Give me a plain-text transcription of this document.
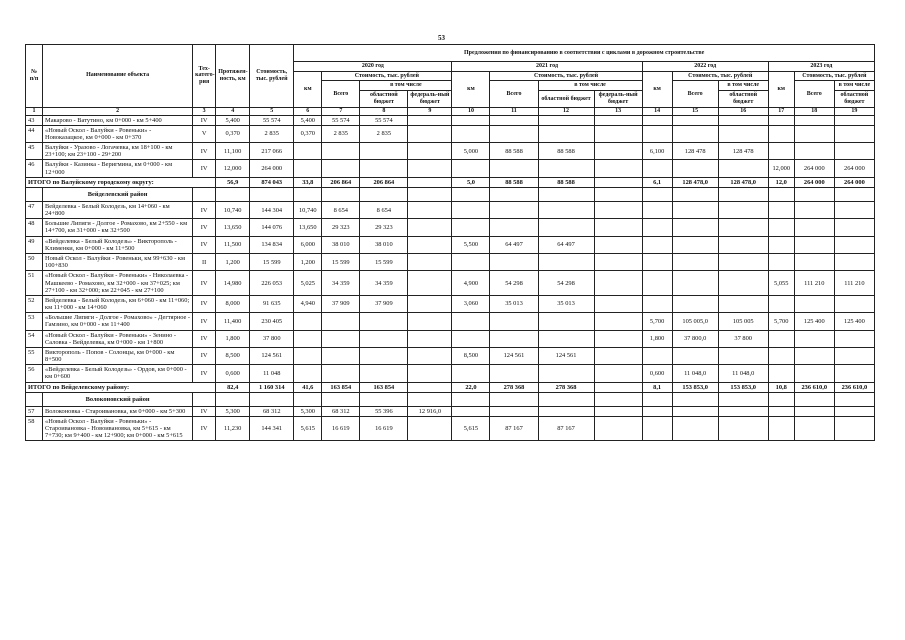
53
№ п/п	Наименование объекта	Тех-катего-рия	Протяжен-ность, км	Стоимость, тыс. рублей	Предложения по финансированию в соответствии с циклами в дорожном строительстве													
					2020 год				2021 год				2022 год			2023 год		
					км	Стоимость, тыс. рублей			км	Стоимость, тыс. рублей			км	Стоимость, тыс. рублей		км	Стоимость, тыс. рублей	
						Всего	в том числе			Всего	в том числе			Всего	в том числе		Всего	в том числе
							областной бюджет	федераль-ный бюджет			областной бюджет	федераль-ный бюджет			областной бюджет			областной бюджет
1	2	3	4	5	6	7	8	9	10	11	12	13	14	15	16	17	18	19
43	Макарово - Ватутино, км 0+000 - км 5+400	IV	5,400	55 574	5,400	55 574	55 574											
44	«Новый Оскол - Валуйки - Ровеньки» - Новоказацкое, км 0+000 - км 0+370	V	0,370	2 835	0,370	2 835	2 835											
45	Валуйки - Уразово - Логачевка, км 18+100 - км 23+100; км 23+100 - 29+200	IV	11,100	217 066					5,000	88 588	88 588		6,100	128 478	128 478			
46	Валуйки - Казинка - Веригмина, км 0+000 - км 12+000	IV	12,000	264 000												12,000	264 000	264 000
ИТОГО по Валуйскому городскому округу:			56,9	874 043	33,8	206 864	206 864		5,0	88 588	88 588		6,1	128 478,0	128 478,0	12,0	264 000	264 000
	Вейделевский район																	
47	Вейделевка - Белый Колодезь, км 14+060 - км 24+800	IV	10,740	144 304	10,740	8 654	8 654											
48	Большие Липяги - Долгое - Ромахово, км 2+550 - км 14+700, км 31+000 - км 32+500	IV	13,650	144 076	13,650	29 323	29 323											
49	«Вейделевка - Белый Колодезь» - Викторополь - Клименки, км 0+000 - км 11+500	IV	11,500	134 834	6,000	38 010	38 010		5,500	64 497	64 497							
50	Новый Оскол - Валуйки - Ровеньки, км 99+630 - км 100+830	II	1,200	15 599	1,200	15 599	15 599											
51	«Новый Оскол - Валуйки - Ровеньки» - Николаевка - Машкеево - Ромахово, км 32+000 - км 37+025; км 27+100 - км 32+000; км 22+045 - км 27+100	IV	14,980	226 053	5,025	34 359	34 359		4,900	54 298	54 298					5,055	111 210	111 210
52	Вейделевка - Белый Колодезь, км 6+060 - км 11+060; км 11+000 - км 14+060	IV	8,000	91 635	4,940	37 909	37 909		3,060	35 013	35 013							
53	«Большие Липяги - Долгое - Ромахово» - Дегтярное - Гамзино, км 0+000 - км 11+400	IV	11,400	230 405									5,700	105 005,0	105 005	5,700	125 400	125 400
54	«Новый Оскол - Валуйки - Ровеньки» - Зенино - Саловка - Вейделевка, км 0+000 - км 1+800	IV	1,800	37 800									1,800	37 800,0	37 800			
55	Викторополь - Попов - Солонцы, км 0+000 - км 8+500	IV	8,500	124 561					8,500	124 561	124 561							
56	«Вейделевка - Белый Колодезь» - Ордов, км 0+000 - км 0+600	IV	0,600	11 048									0,600	11 048,0	11 048,0			
ИТОГО по Вейделевскому району:			82,4	1 160 314	41,6	163 854	163 854		22,0	278 368	278 368		8,1	153 853,0	153 853,0	10,8	236 610,0	236 610,0
	Волоконовский район																	
57	Волоконовка - Староивановка, км 0+000 - км 5+300	IV	5,300	68 312	5,300	68 312	55 396	12 916,0										
58	«Новый Оскол - Валуйки - Ровеньки» - Староивановка - Новоивановка, км 5+615 - км 7+730; км 9+400 - км 12+900; км 0+000 - км 5+615	IV	11,230	144 341	5,615	16 619	16 619		5,615	87 167	87 167							
